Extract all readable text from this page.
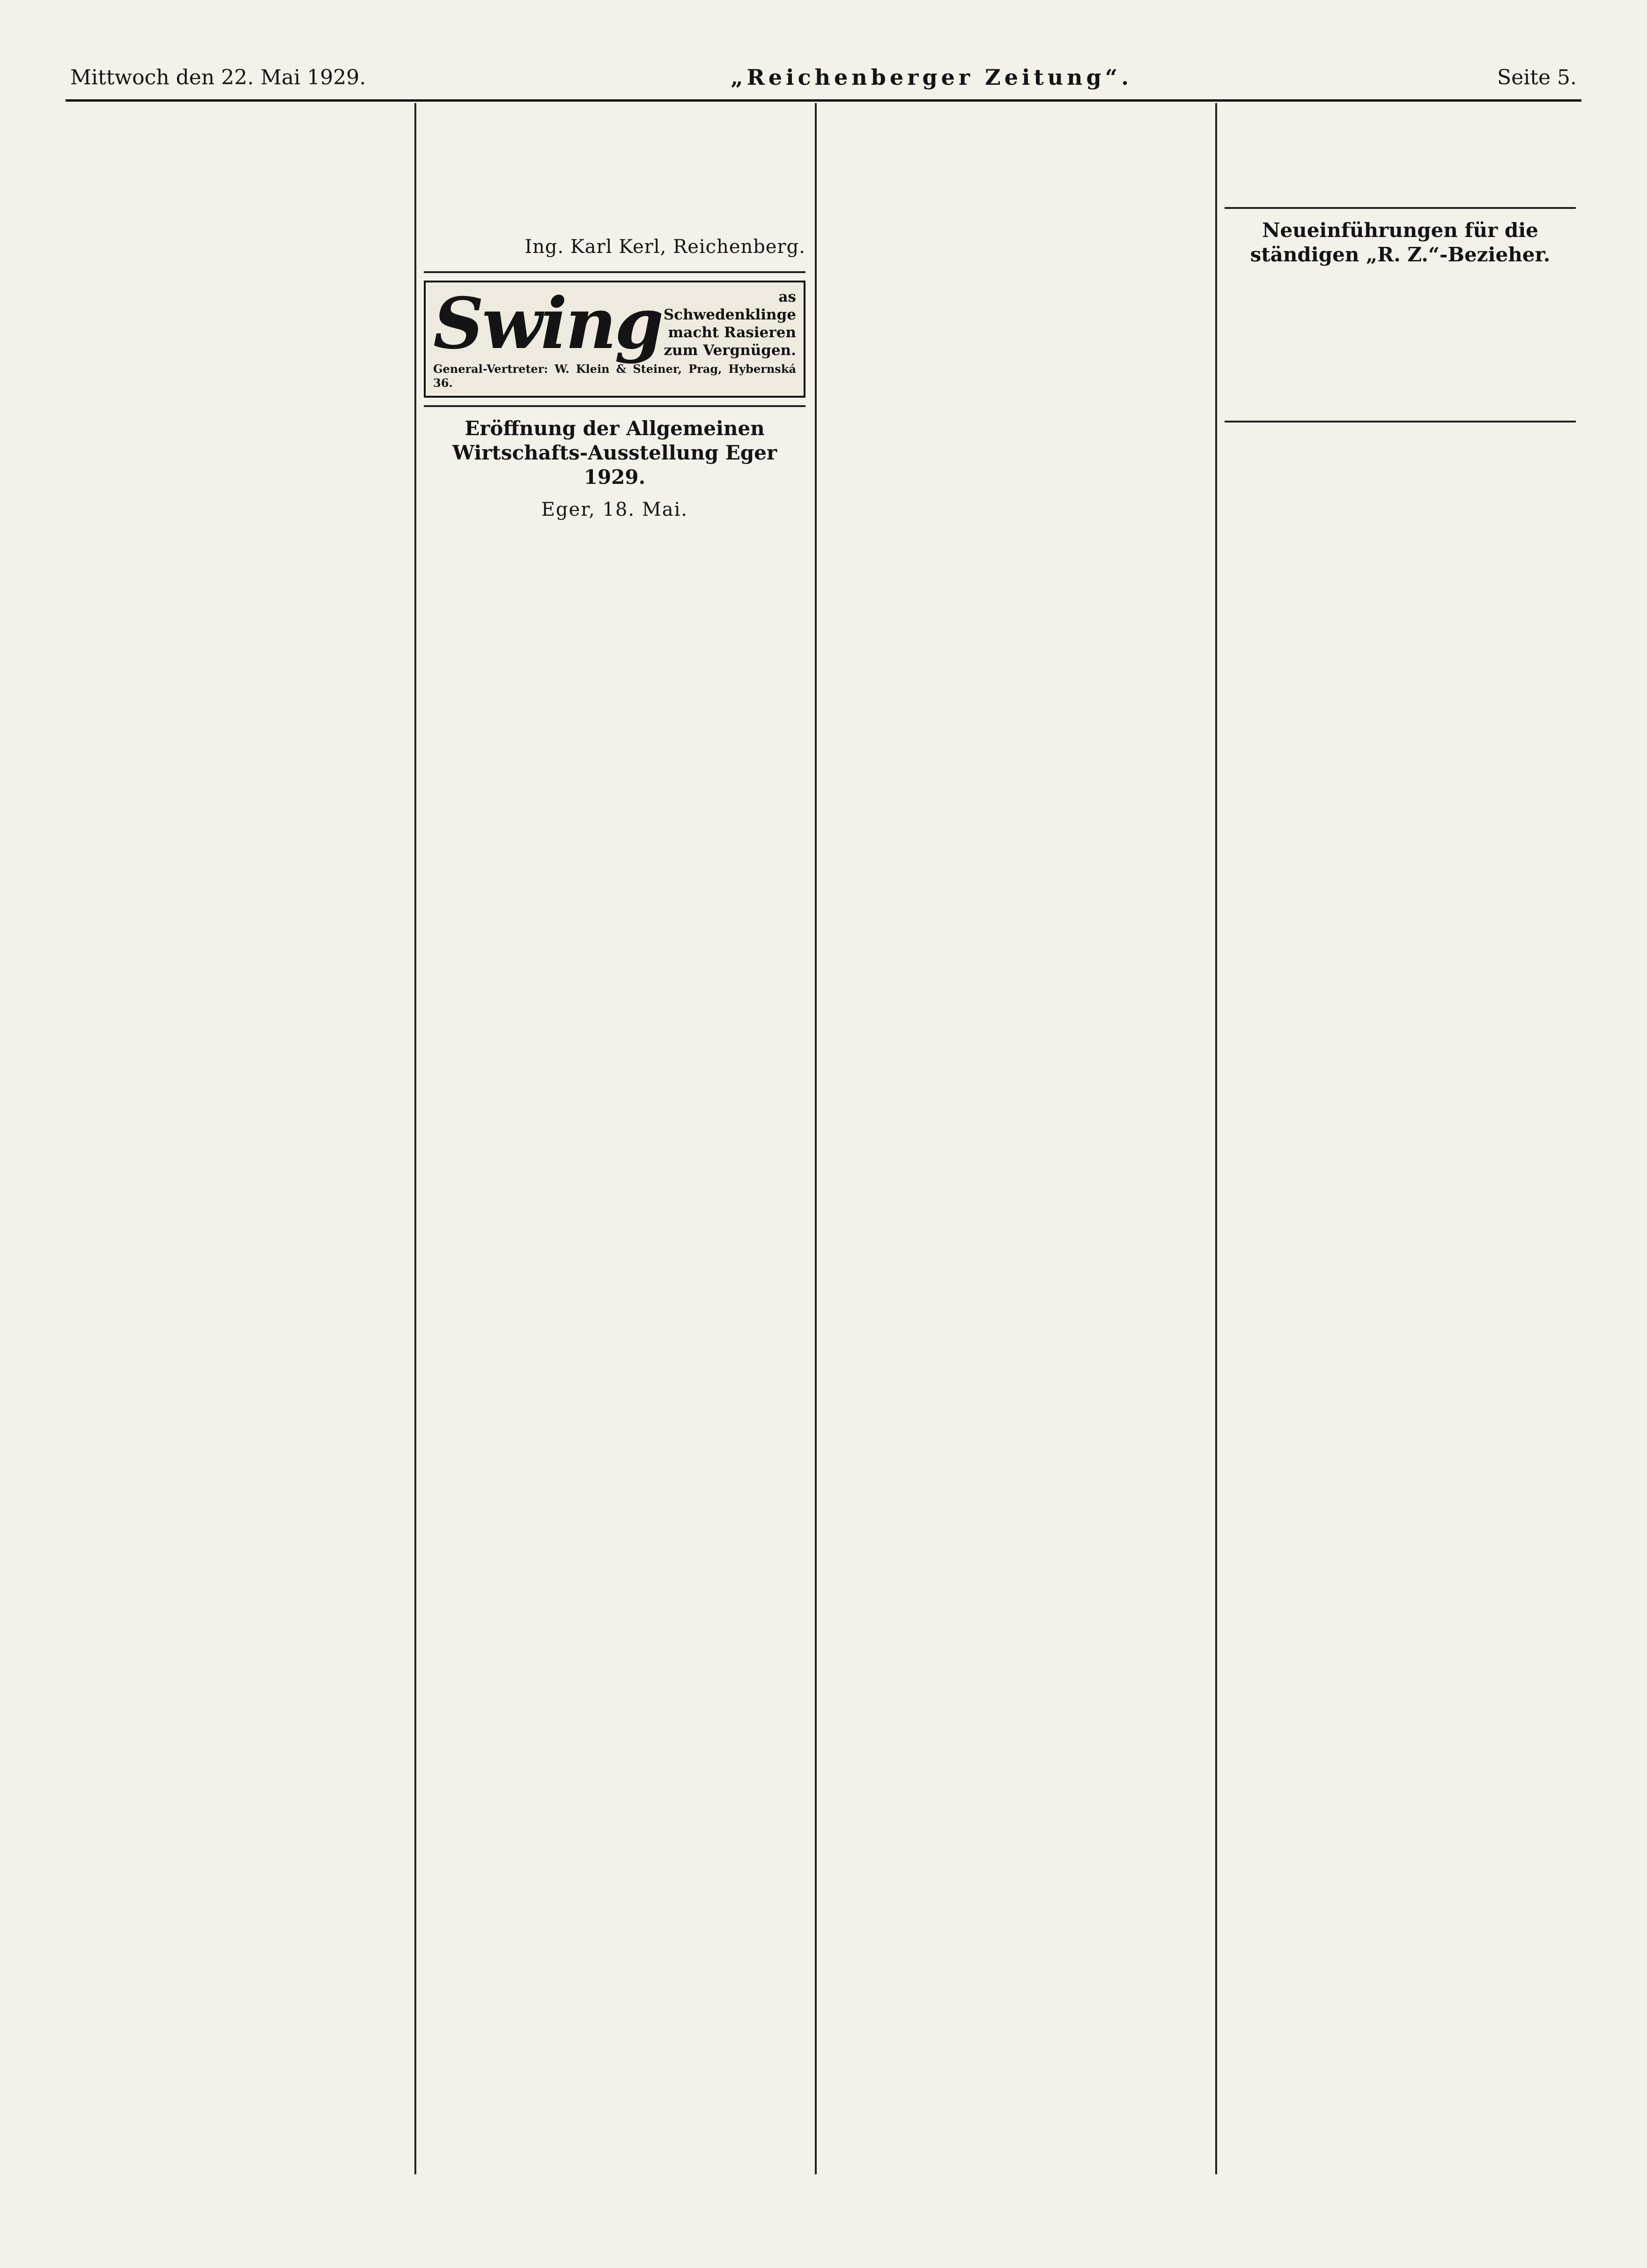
Mittwoch den 22. Mai 1929.	„Reichenberger Zeitung“.	Seite 5.

Ing. Karl Kerl, Reichenberg.
Swing	as Schwedenklinge macht Rasieren zum Vergnügen.
General-Vertreter: W. Klein & Steiner, Prag, Hybernská 36.
Eröffnung der Allgemeinen Wirtschafts-Ausstellung Eger 1929.
Eger, 18. Mai.

Neueinführungen für die ständigen „R. Z.“-Bezieher.
